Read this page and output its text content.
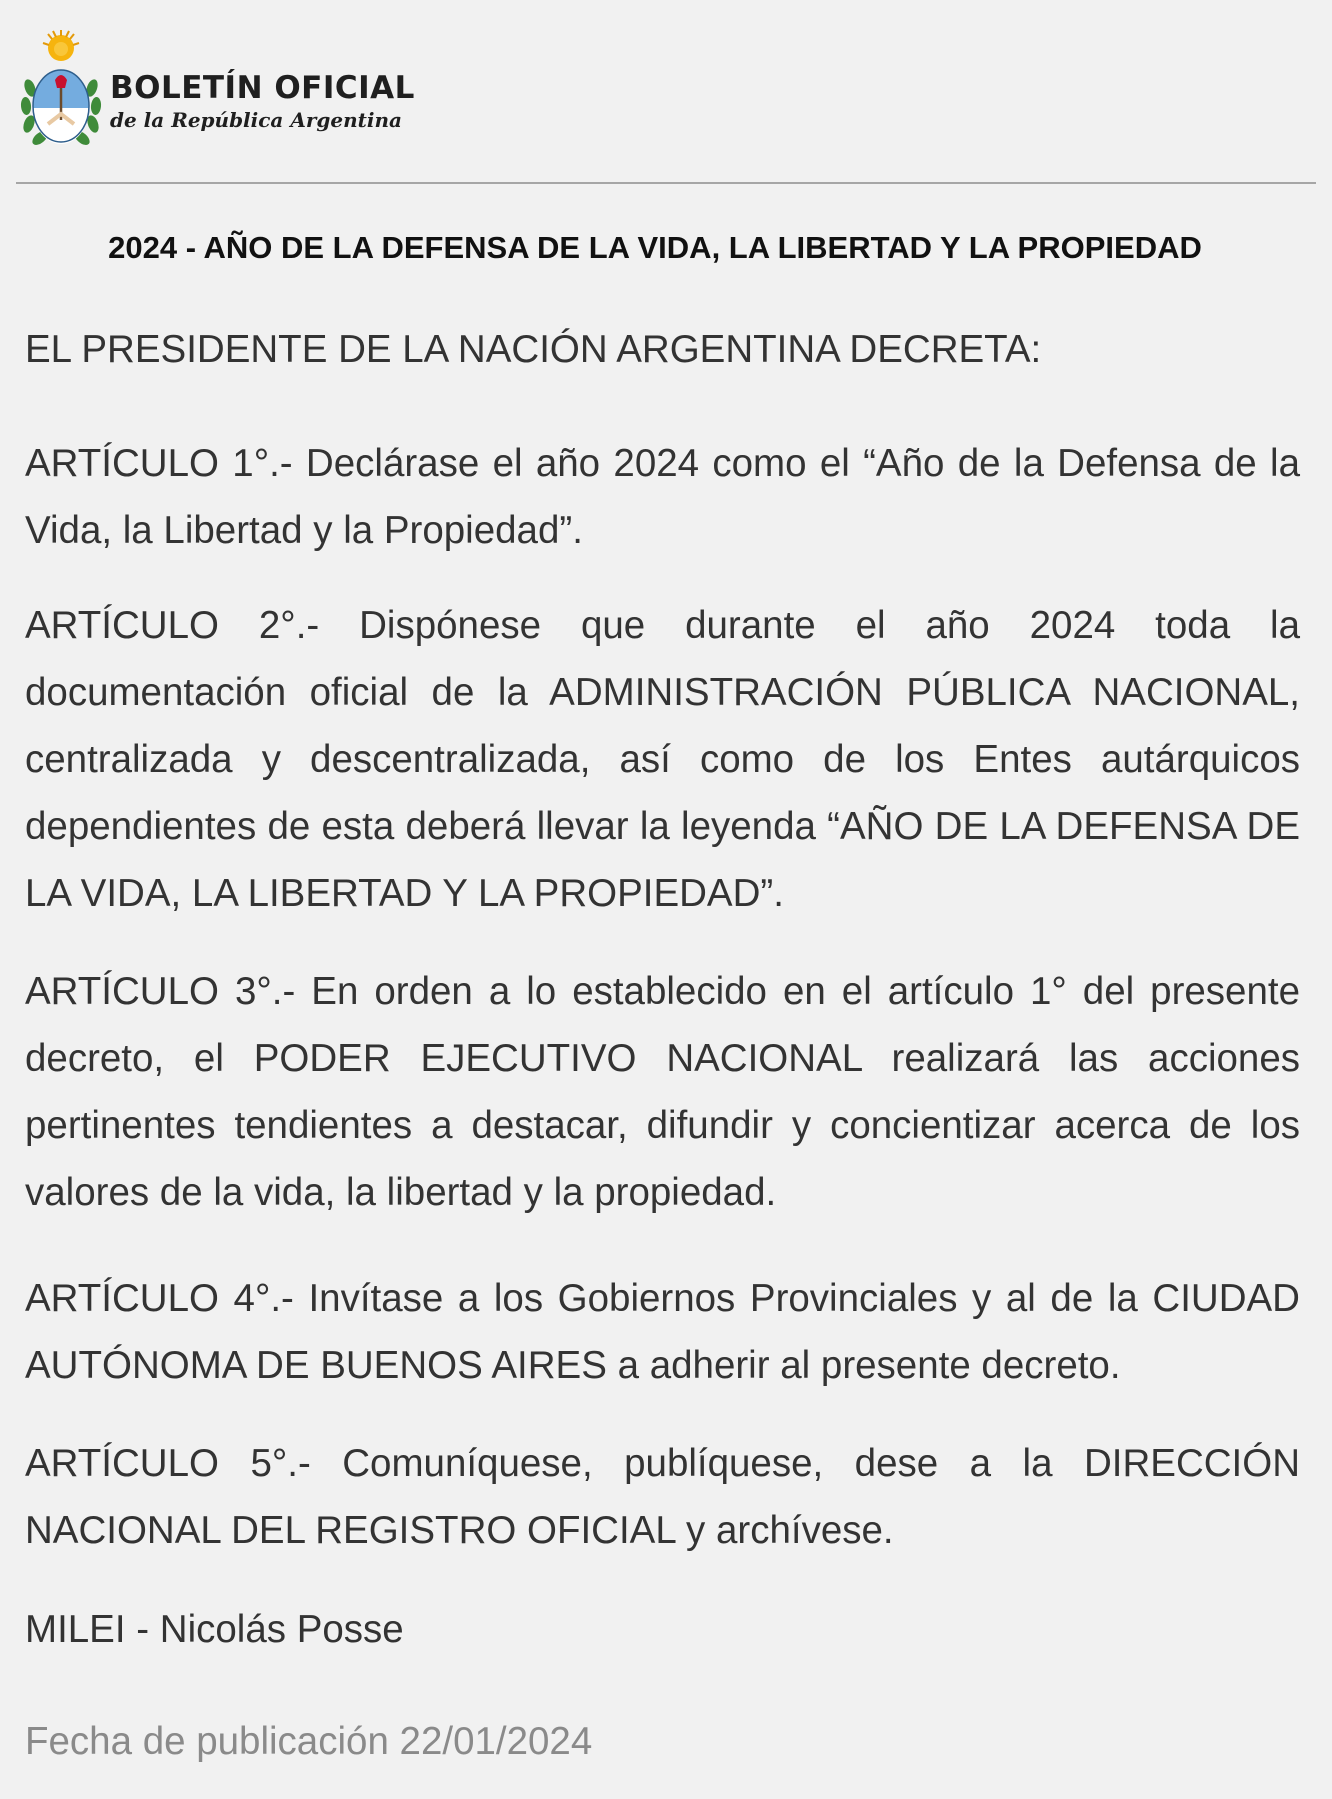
BOLETÍN OFICIAL
de la República Argentina
2024 - AÑO DE LA DEFENSA DE LA VIDA, LA LIBERTAD Y LA PROPIEDAD

EL PRESIDENTE DE LA NACIÓN ARGENTINA DECRETA:

ARTÍCULO 1°.- Declárase el año 2024 como el “Año de la Defensa de la Vida, la Libertad y la Propiedad”.

ARTÍCULO 2°.- Dispónese que durante el año 2024 toda la documentación oficial de la ADMINISTRACIÓN PÚBLICA NACIONAL, centralizada y descentralizada, así como de los Entes autárquicos dependientes de esta deberá llevar la leyenda “AÑO DE LA DEFENSA DE LA VIDA, LA LIBERTAD Y LA PROPIEDAD”.

ARTÍCULO 3°.- En orden a lo establecido en el artículo 1° del presente decreto, el PODER EJECUTIVO NACIONAL realizará las acciones pertinentes tendientes a destacar, difundir y concientizar acerca de los valores de la vida, la libertad y la propiedad.

ARTÍCULO 4°.- Invítase a los Gobiernos Provinciales y al de la CIUDAD AUTÓNOMA DE BUENOS AIRES a adherir al presente decreto.

ARTÍCULO 5°.- Comuníquese, publíquese, dese a la DIRECCIÓN NACIONAL DEL REGISTRO OFICIAL y archívese.

MILEI - Nicolás Posse

Fecha de publicación 22/01/2024
